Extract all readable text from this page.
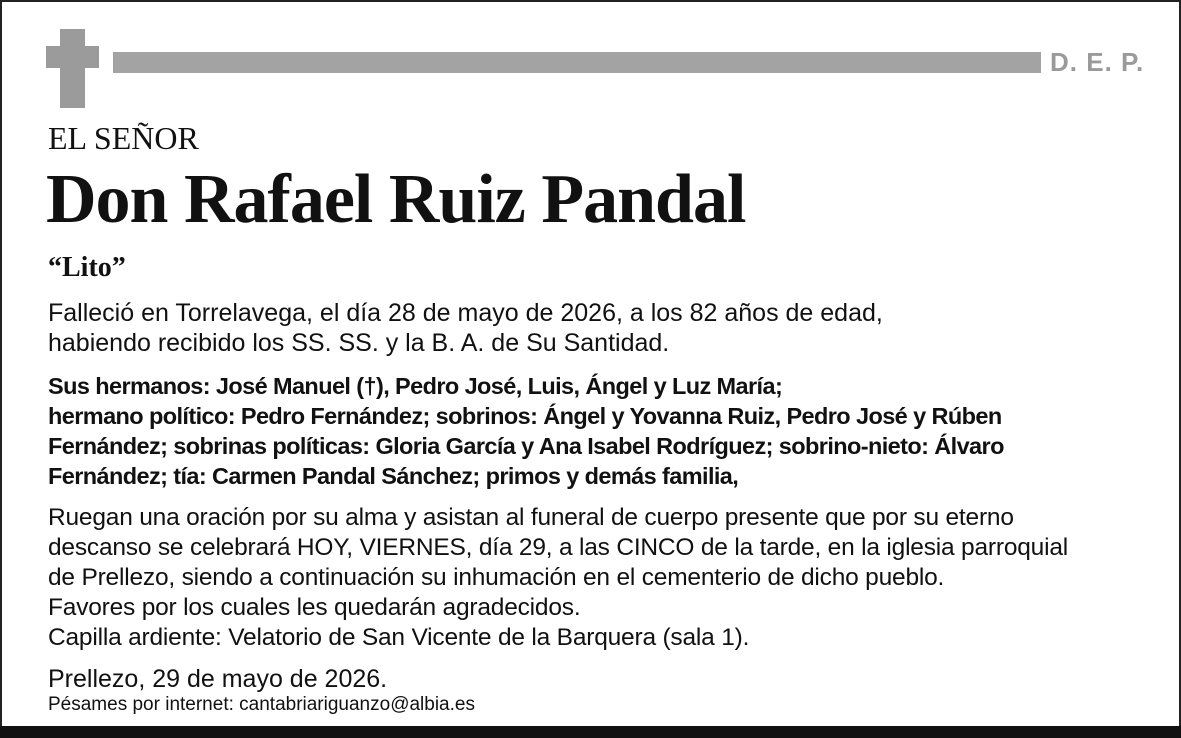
D. E. P.
EL SEÑOR
Don Rafael Ruiz Pandal
“Lito”

Falleció en Torrelavega, el día 28 de mayo de 2026, a los 82 años de edad,
habiendo recibido los SS. SS. y la B. A. de Su Santidad.

Sus hermanos: José Manuel (†), Pedro José, Luis, Ángel y Luz María;
hermano político: Pedro Fernández; sobrinos: Ángel y Yovanna Ruiz, Pedro José y Rúben
Fernández; sobrinas políticas: Gloria García y Ana Isabel Rodríguez; sobrino-nieto: Álvaro
Fernández; tía: Carmen Pandal Sánchez; primos y demás familia,

Ruegan una oración por su alma y asistan al funeral de cuerpo presente que por su eterno
descanso se celebrará HOY, VIERNES, día 29, a las CINCO de la tarde, en la iglesia parroquial
de Prellezo, siendo a continuación su inhumación en el cementerio de dicho pueblo.
Favores por los cuales les quedarán agradecidos.
Capilla ardiente: Velatorio de San Vicente de la Barquera (sala 1).

Prellezo, 29 de mayo de 2026.

Pésames por internet: cantabriariguanzo@albia.es
